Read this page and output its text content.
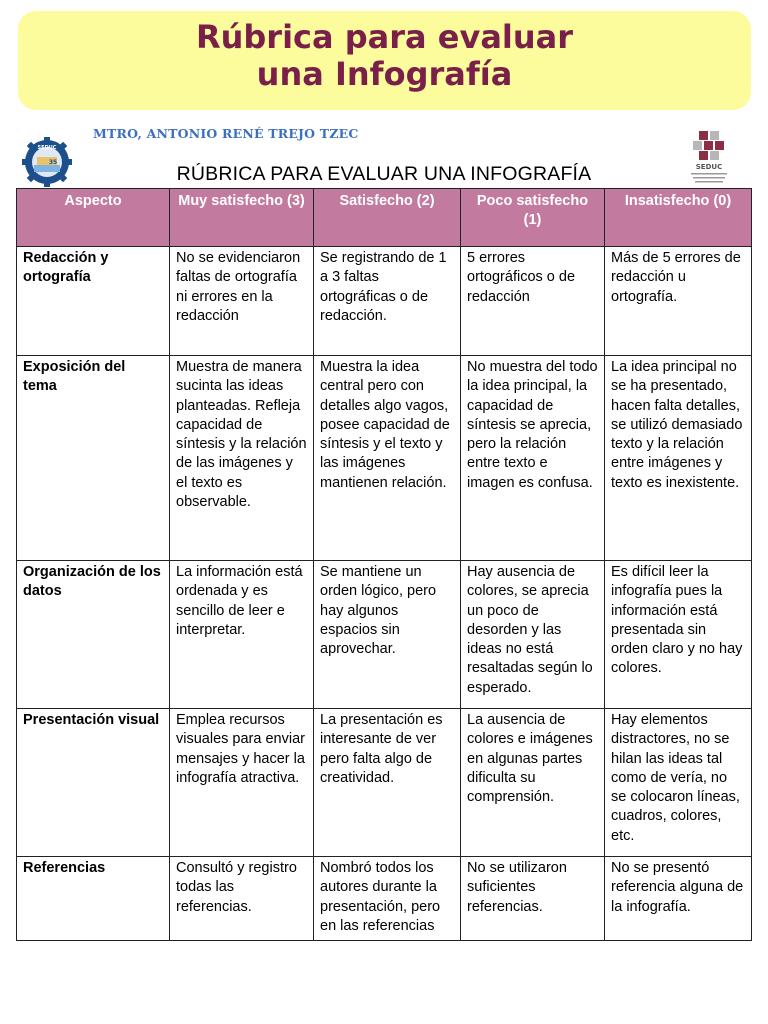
Rúbrica para evaluar
una Infografía
SEDUC
35
MTRO, ANTONIO RENÉ TREJO TZEC
SEDUC
RÚBRICA PARA EVALUAR UNA INFOGRAFÍA
Aspecto	Muy satisfecho (3)	Satisfecho (2)	Poco satisfecho (1)	Insatisfecho (0)
Redacción y ortografía	No se evidenciaron faltas de ortografía ni errores en la redacción	Se registrando de 1 a 3 faltas ortográficas o de redacción.	5 errores ortográficos o de redacción	Más de 5 errores de redacción u ortografía.
Exposición del tema	Muestra de manera sucinta las ideas planteadas. Refleja capacidad de síntesis y la relación de las imágenes y el texto es observable.	Muestra la idea central pero con detalles algo vagos, posee capacidad de síntesis y el texto y las imágenes mantienen relación.	No muestra del todo la idea principal, la capacidad de síntesis se aprecia, pero la relación entre texto e imagen es confusa.	La idea principal no se ha presentado, hacen falta detalles, se utilizó demasiado texto y la relación entre imágenes y texto es inexistente.
Organización de los datos	La información está ordenada y es sencillo de leer e interpretar.	Se mantiene un orden lógico, pero hay algunos espacios sin aprovechar.	Hay ausencia de colores, se aprecia un poco de desorden y las ideas no está resaltadas según lo esperado.	Es difícil leer la infografía pues la información está presentada sin orden claro y no hay colores.
Presentación visual	Emplea recursos visuales para enviar mensajes y hacer la infografía atractiva.	La presentación es interesante de ver pero falta algo de creatividad.	La ausencia de colores e imágenes en algunas partes dificulta su comprensión.	Hay elementos distractores, no se hilan las ideas tal como de vería, no se colocaron líneas, cuadros, colores, etc.
Referencias	Consultó y registro todas las referencias.	Nombró todos los autores durante la presentación, pero en las referencias	No se utilizaron suficientes referencias.	No se presentó referencia alguna de la infografía.
